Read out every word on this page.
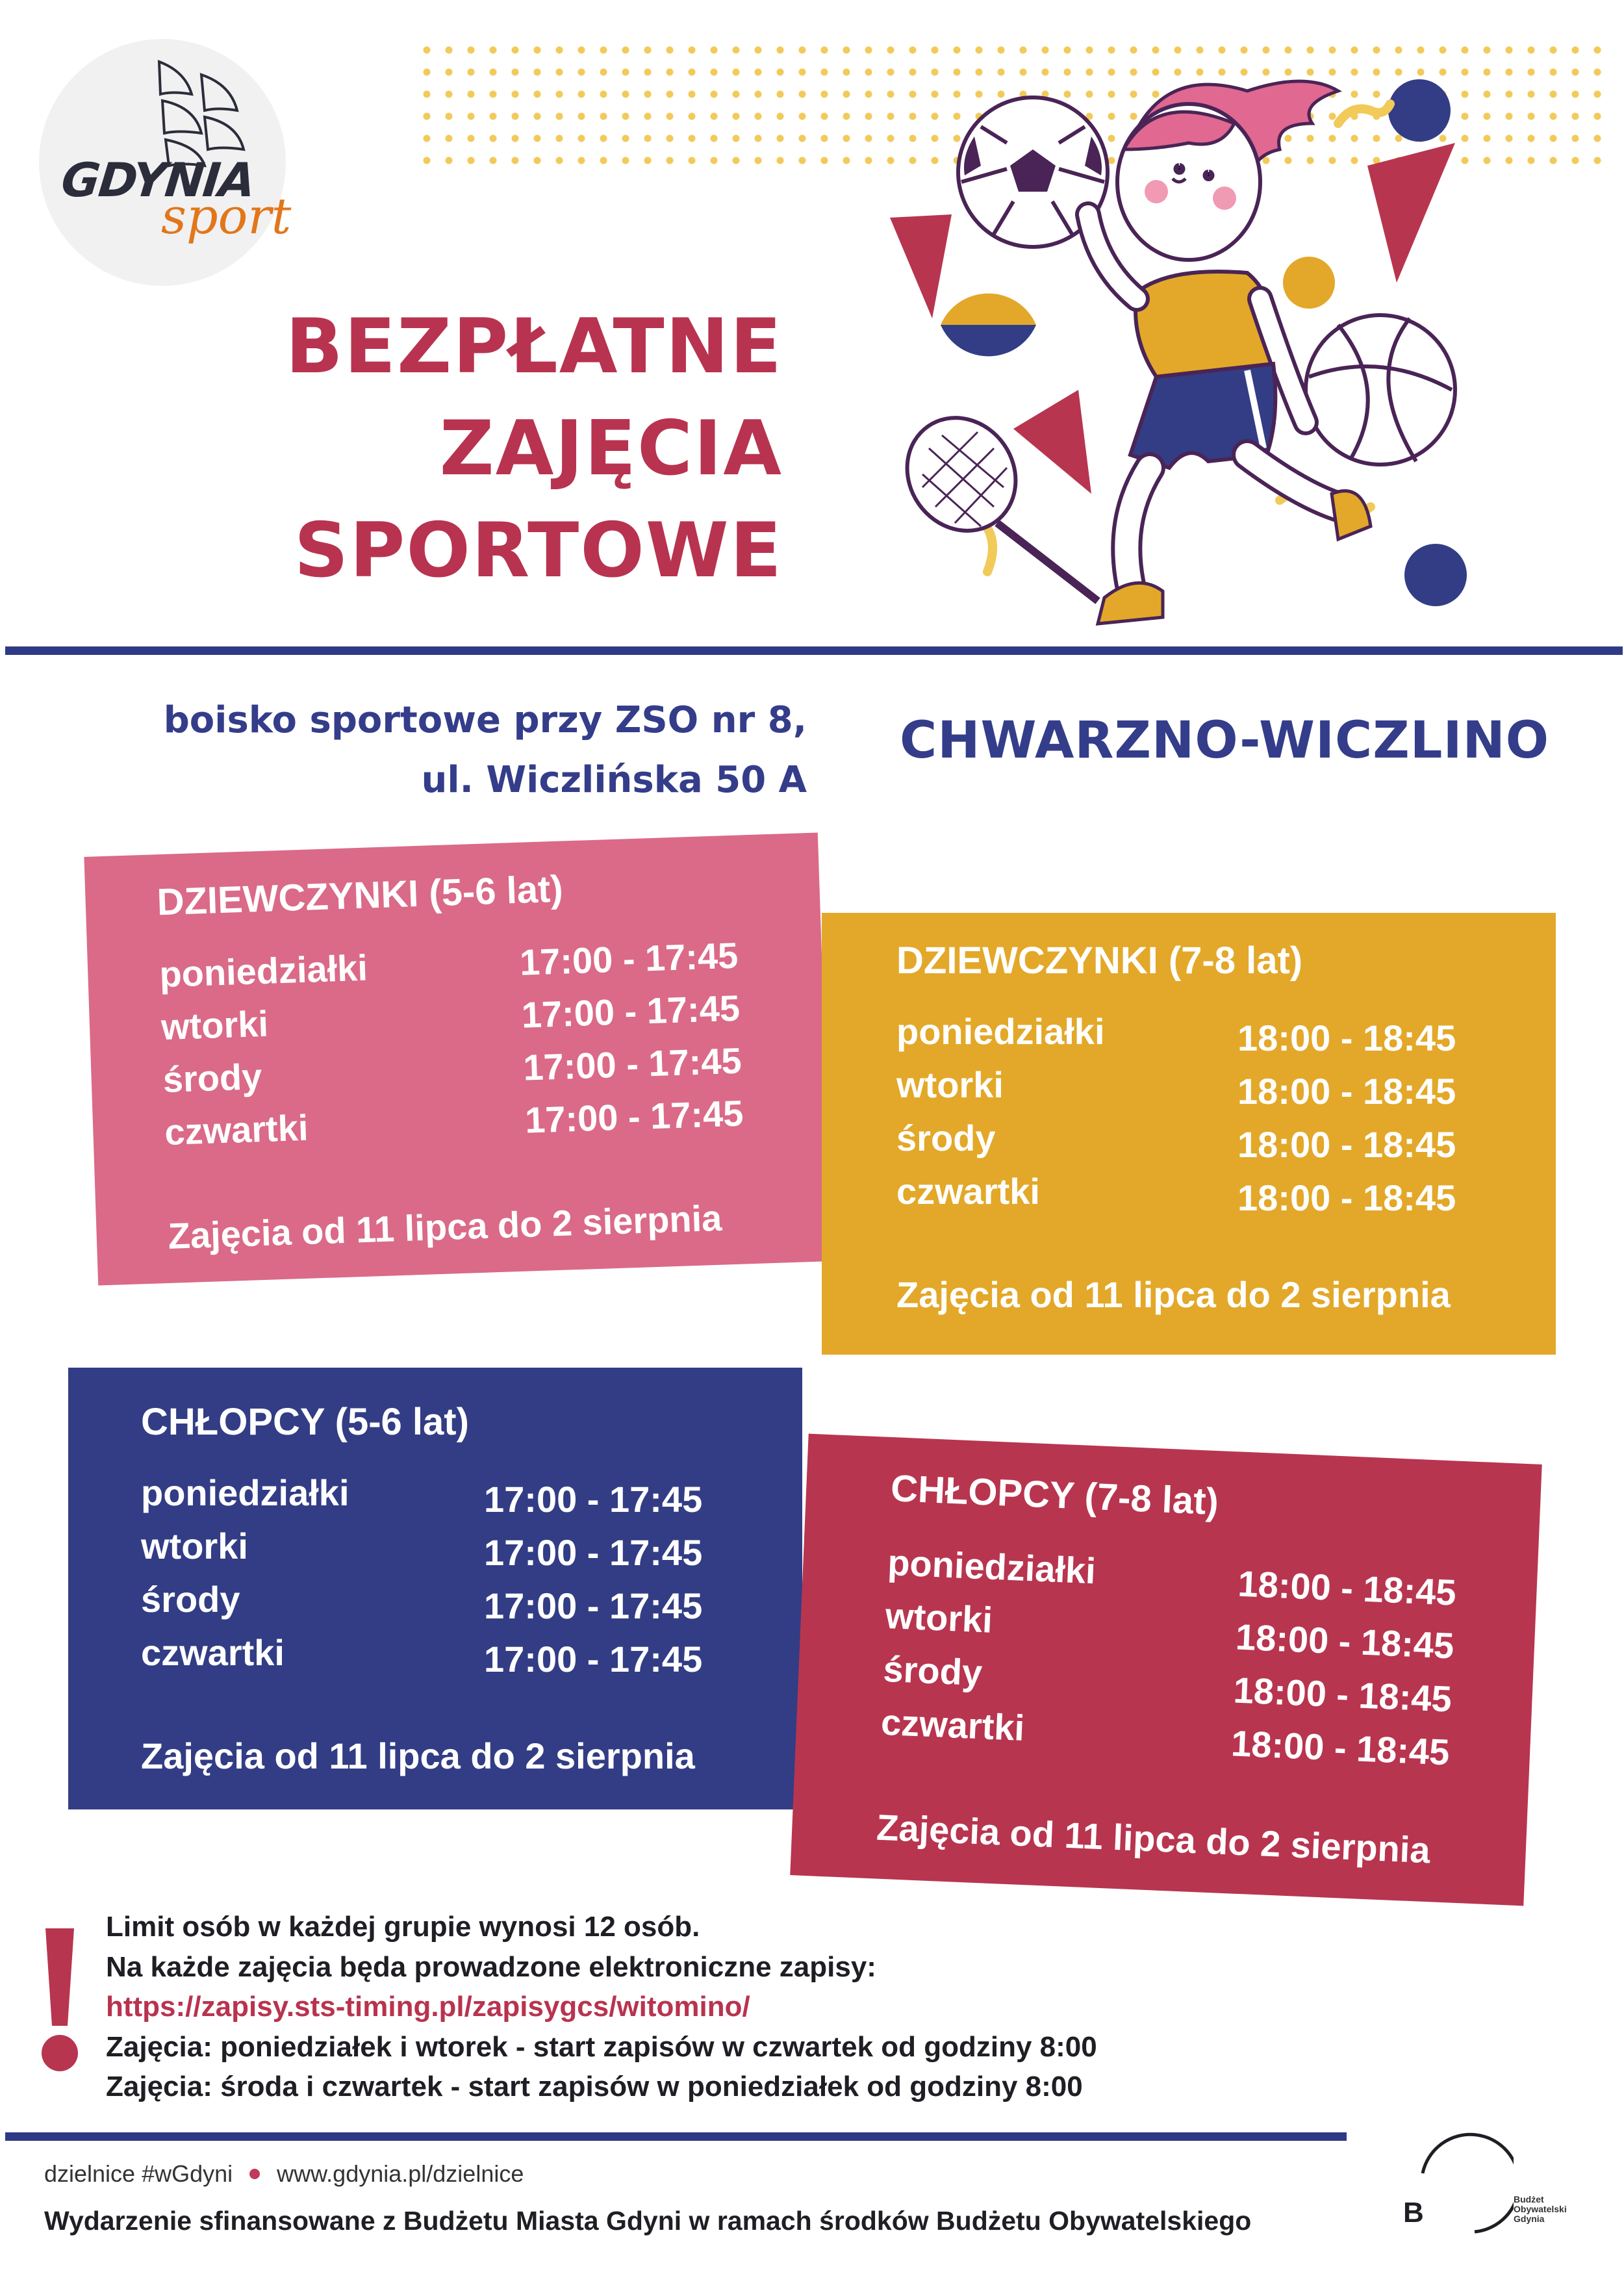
GDYNIA
sport
BEZPŁATNE
ZAJĘCIA
SPORTOWE
boisko sportowe przy ZSO nr 8,
ul. Wiczlińska 50 A
CHWARZNO-WICZLINO
DZIEWCZYNKI (5-6 lat)
poniedziałki	17:00 - 17:45
wtorki	17:00 - 17:45
środy	17:00 - 17:45
czwartki	17:00 - 17:45
Zajęcia od 11 lipca do 2 sierpnia
DZIEWCZYNKI (7-8 lat)
poniedziałki	18:00 - 18:45
wtorki	18:00 - 18:45
środy	18:00 - 18:45
czwartki	18:00 - 18:45
Zajęcia od 11 lipca do 2 sierpnia
CHŁOPCY (5-6 lat)
poniedziałki	17:00 - 17:45
wtorki	17:00 - 17:45
środy	17:00 - 17:45
czwartki	17:00 - 17:45
Zajęcia od 11 lipca do 2 sierpnia
CHŁOPCY (7-8 lat)
poniedziałki	18:00 - 18:45
wtorki	18:00 - 18:45
środy	18:00 - 18:45
czwartki	18:00 - 18:45
Zajęcia od 11 lipca do 2 sierpnia
Limit osób w każdej grupie wynosi 12 osób.
Na każde zajęcia będa prowadzone elektroniczne zapisy:
https://zapisy.sts-timing.pl/zapisygcs/witomino/
Zajęcia: poniedziałek i wtorek - start zapisów w czwartek od godziny 8:00
Zajęcia: środa i czwartek - start zapisów w poniedziałek od godziny 8:00
dzielnice #wGdyni www.gdynia.pl/dzielnice
Wydarzenie sfinansowane z Budżetu Miasta Gdyni w ramach środków Budżetu Obywatelskiego	B	Budżet
Obywatelski
Gdynia
